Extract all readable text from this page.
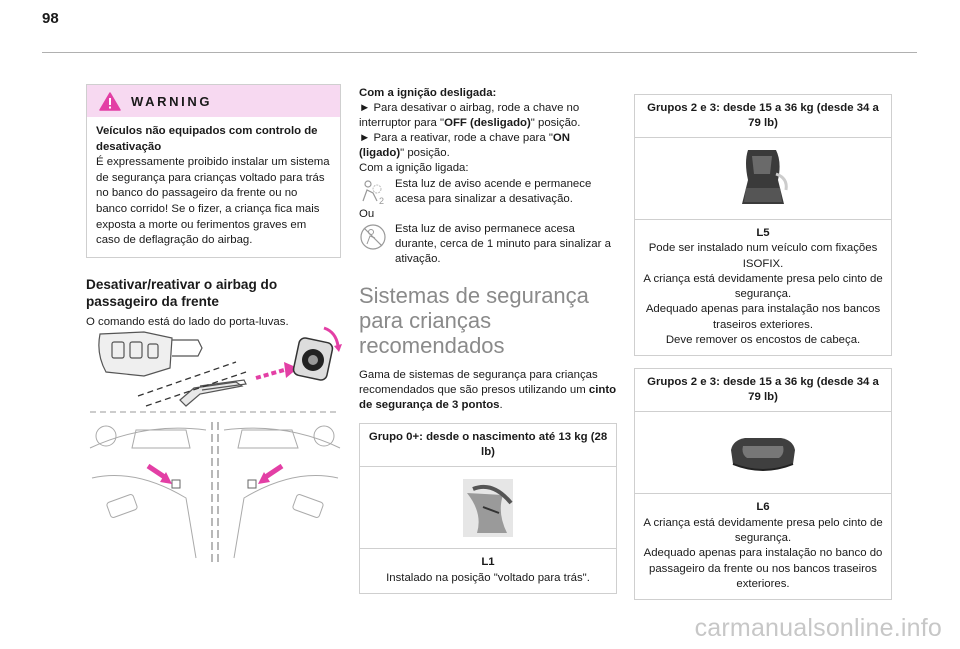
98
WARNING
Veículos não equipados com controlo de desativação
É expressamente proibido instalar um sistema de segurança para crianças voltado para trás no banco do passageiro da frente ou no banco corrido! Se o fizer, a criança fica mais exposta a morte ou ferimentos graves em caso de deflagração do airbag.
Desativar/reativar o airbag do passageiro da frente
O comando está do lado do porta-luvas.
Com a ignição desligada:
► Para desativar o airbag, rode a chave no interruptor para "OFF (desligado)" posição.
► Para a reativar, rode a chave para "ON (ligado)" posição.
Com a ignição ligada:
2
Esta luz de aviso acende e permanece acesa para sinalizar a desativação.
Ou
Esta luz de aviso permanece acesa durante, cerca de 1 minuto para sinalizar a ativação.
Sistemas de segurança para crianças recomendados
Gama de sistemas de segurança para crianças recomendados que são presos utilizando um cinto de segurança de 3 pontos.
Grupo 0+: desde o nascimento até 13 kg (28 lb)
L1
Instalado na posição "voltado para trás".
Grupos 2 e 3: desde 15 a 36 kg (desde 34 a 79 lb)
L5
Pode ser instalado num veículo com fixações ISOFIX.
A criança está devidamente presa pelo cinto de segurança.
Adequado apenas para instalação nos bancos traseiros exteriores.
Deve remover os encostos de cabeça.
Grupos 2 e 3: desde 15 a 36 kg (desde 34 a 79 lb)
L6
A criança está devidamente presa pelo cinto de segurança.
Adequado apenas para instalação no banco do passageiro da frente ou nos bancos traseiros exteriores.
carmanualsonline.info
